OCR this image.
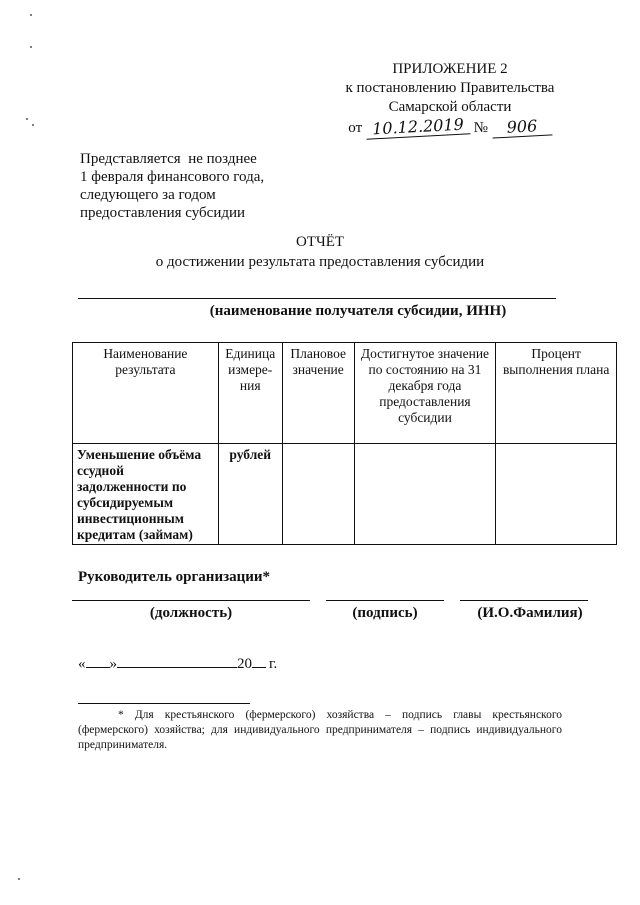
ПРИЛОЖЕНИЕ 2
к постановлению Правительства
Самарской области
от 10.12.2019 № 906
Представляется  не позднее
1 февраля финансового года,
следующего за годом
предоставления субсидии
ОТЧЁТ
о достижении результата предоставления субсидии
(наименование получателя субсидии, ИНН)
Наименование результата	Единица измере-ния	Плановое значение	Достигнутое значение по состоянию на 31 декабря года предоставления субсидии	Процент выполнения плана
Уменьшение объёма ссудной задолженности по субсидируемым инвестиционным кредитам (займам)	рублей			
Руководитель организации*
(должность)	(подпись)	(И.О.Фамилия)
« »	20 г.
* Для крестьянского (фермерского) хозяйства – подпись главы крестьянского (фермерского) хозяйства; для индивидуального предпринимателя – подпись индивидуального предпринимателя.
